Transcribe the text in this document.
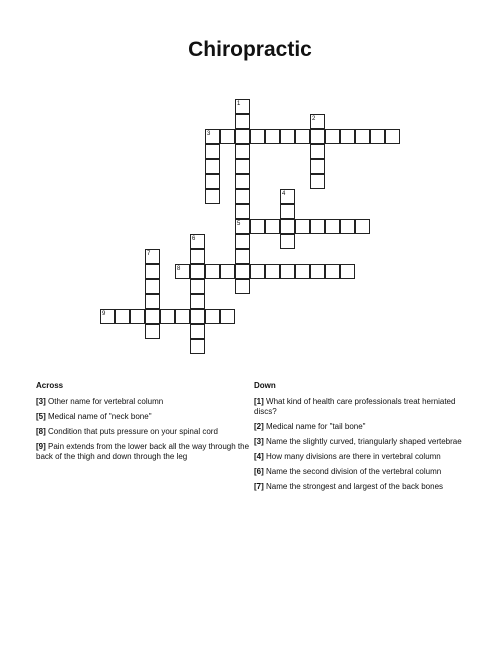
Chiropractic
1
2
3
4
5
6
7
8
9
Across	Down
[3] Other name for vertebral column
[5] Medical name of "neck bone"
[8] Condition that puts pressure on your spinal cord
[9] Pain extends from the lower back all the way through the back of the thigh and down through the leg
[1] What kind of health care professionals treat herniated discs?
[2] Medical name for "tail bone"
[3] Name the slightly curved, triangularly shaped vertebrae
[4] How many divisions are there in vertebral column
[6] Name the second division of the vertebral column
[7] Name the strongest and largest of the back bones
